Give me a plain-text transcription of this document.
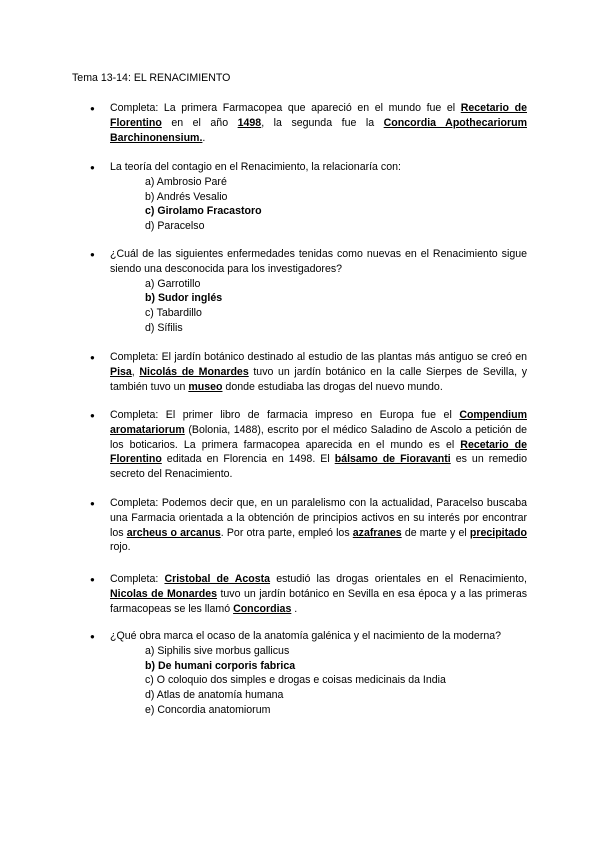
Tema 13-14: EL RENACIMIENTO
●
Completa: La primera Farmacopea que apareció en el mundo fue el Recetario de Florentino en el año 1498, la segunda fue la Concordia Apothecariorum Barchinonensium..
●
La teoría del contagio en el Renacimiento, la relacionaría con:
a) Ambrosio Paré
b) Andrés Vesalio
c) Girolamo Fracastoro
d) Paracelso
●
¿Cuál de las siguientes enfermedades tenidas como nuevas en el Renacimiento sigue siendo una desconocida para los investigadores?
a) Garrotillo
b) Sudor inglés
c) Tabardillo
d) Sífilis
●
Completa: El jardín botánico destinado al estudio de las plantas más antiguo se creó en Pisa, Nicolás de Monardes tuvo un jardín botánico en la calle Sierpes de Sevilla, y también tuvo un museo donde estudiaba las drogas del nuevo mundo.
●
Completa: El primer libro de farmacia impreso en Europa fue el Compendium aromatariorum (Bolonia, 1488), escrito por el médico Saladino de Ascolo a petición de los boticarios. La primera farmacopea aparecida en el mundo es el Recetario de Florentino editada en Florencia en 1498. El bálsamo de Fioravanti es un remedio secreto del Renacimiento.
●
Completa: Podemos decir que, en un paralelismo con la actualidad, Paracelso buscaba una Farmacia orientada a la obtención de principios activos en su interés por encontrar los archeus o arcanus. Por otra parte, empleó los azafranes de marte y el precipitado rojo.
●
Completa: Cristobal de Acosta estudió las drogas orientales en el Renacimiento, Nicolas de Monardes tuvo un jardín botánico en Sevilla en esa época y a las primeras farmacopeas se les llamó Concordias .
●
¿Qué obra marca el ocaso de la anatomía galénica y el nacimiento de la moderna?
a) Siphilis sive morbus gallicus
b) De humani corporis fabrica
c) O coloquio dos simples e drogas e coisas medicinais da India
d) Atlas de anatomía humana
e) Concordia anatomiorum
